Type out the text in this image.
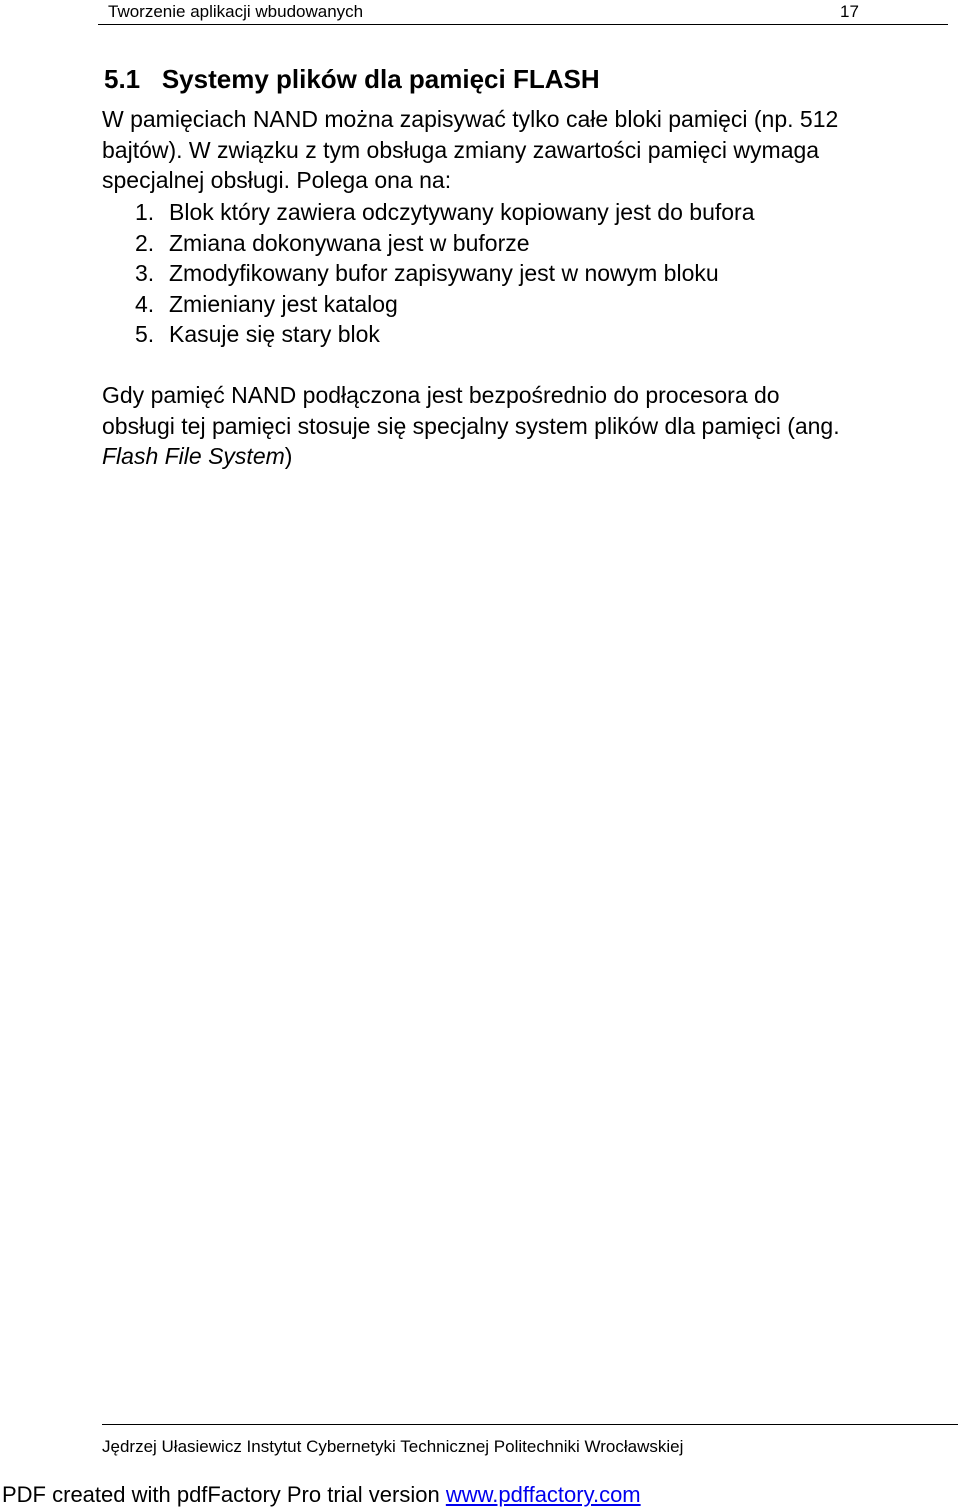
Tworzenie aplikacji wbudowanych	17
5.1 Systemy plików dla pamięci FLASH
W pamięciach NAND można zapisywać tylko całe bloki pamięci (np. 512
bajtów). W związku z tym obsługa zmiany zawartości pamięci wymaga
specjalnej obsługi. Polega ona na:
1. Blok który zawiera odczytywany kopiowany jest do bufora
2. Zmiana dokonywana jest w buforze
3. Zmodyfikowany bufor zapisywany jest w nowym bloku
4. Zmieniany jest katalog
5. Kasuje się stary blok
Gdy pamięć NAND podłączona jest bezpośrednio do procesora do
obsługi tej pamięci stosuje się specjalny system plików dla pamięci (ang.
Flash File System)
Jędrzej Ułasiewicz Instytut Cybernetyki Technicznej Politechniki Wrocławskiej
PDF created with pdfFactory Pro trial version www.pdffactory.com
